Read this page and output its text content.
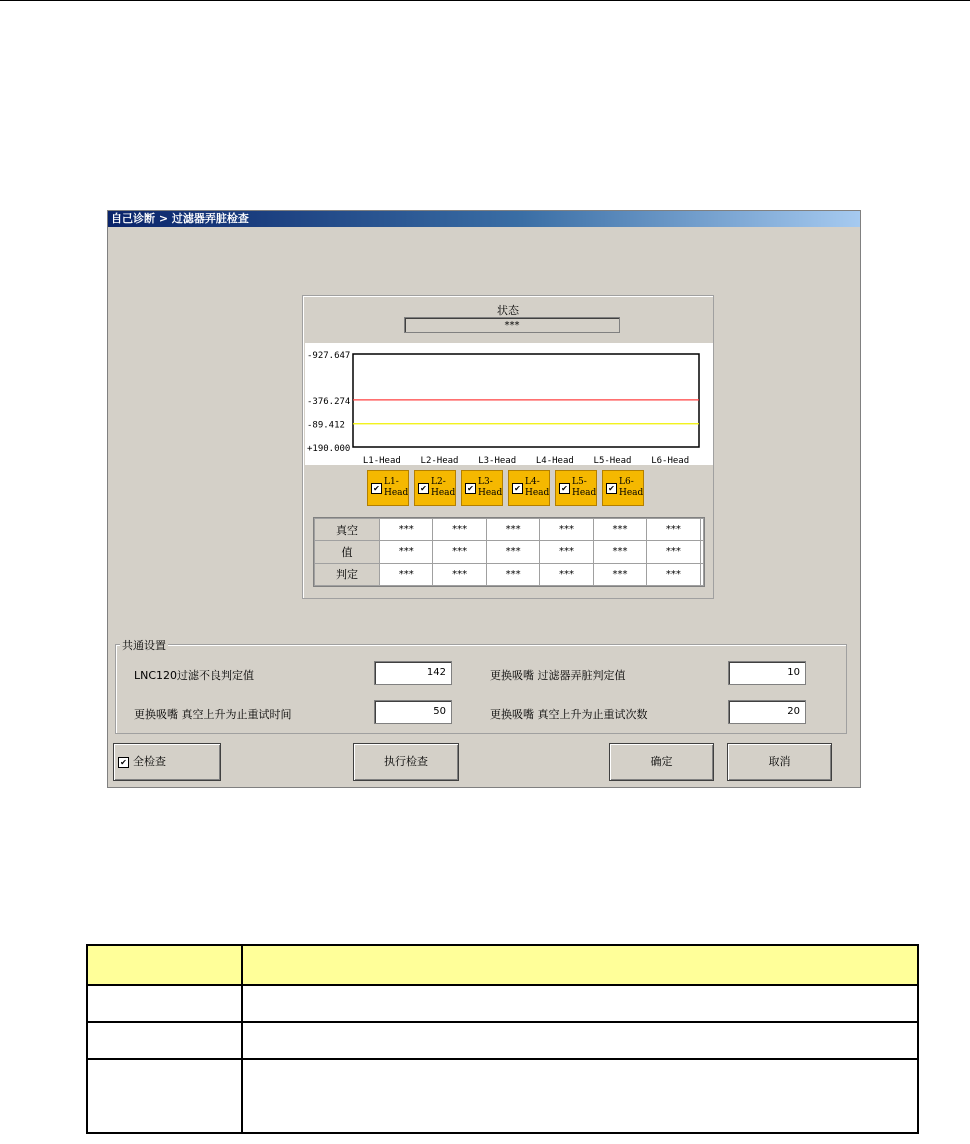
自己诊断 > 过滤器弄脏检查
状态
***
-927.647
-376.274
-89.412
+190.000
L1-Head L2-Head L3-Head L4-Head L5-Head L6-Head
✔
L1-
Head ✔
L2-
Head ✔
L3-
Head ✔
L4-
Head ✔
L5-
Head ✔
L6-
Head
真空	***	***	***	***	***	***	
值	***	***	***	***	***	***	
判定	***	***	***	***	***	***	
共通设置
LNC120过滤不良判定值	142	更换吸嘴 过滤器弄脏判定值	10
更换吸嘴 真空上升为止重试时间	50	更换吸嘴 真空上升为止重试次数	20
✔ 全检查	执行检查	确定	取消
